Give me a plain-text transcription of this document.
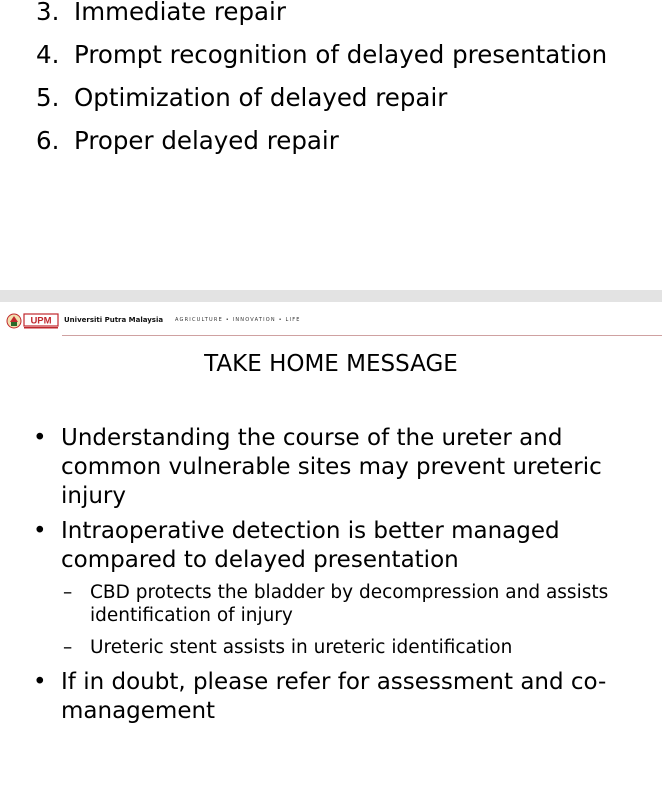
3. Immediate repair
4. Prompt recognition of delayed presentation
5. Optimization of delayed repair
6. Proper delayed repair
UPM Universiti Putra Malaysia AGRICULTURE • INNOVATION • LIFE
TAKE HOME MESSAGE
• Understanding the course of the ureter and common vulnerable sites may prevent ureteric injury
• Intraoperative detection is better managed compared to delayed presentation
– CBD protects the bladder by decompression and assists identification of injury
– Ureteric stent assists in ureteric identification
• If in doubt, please refer for assessment and co-management
